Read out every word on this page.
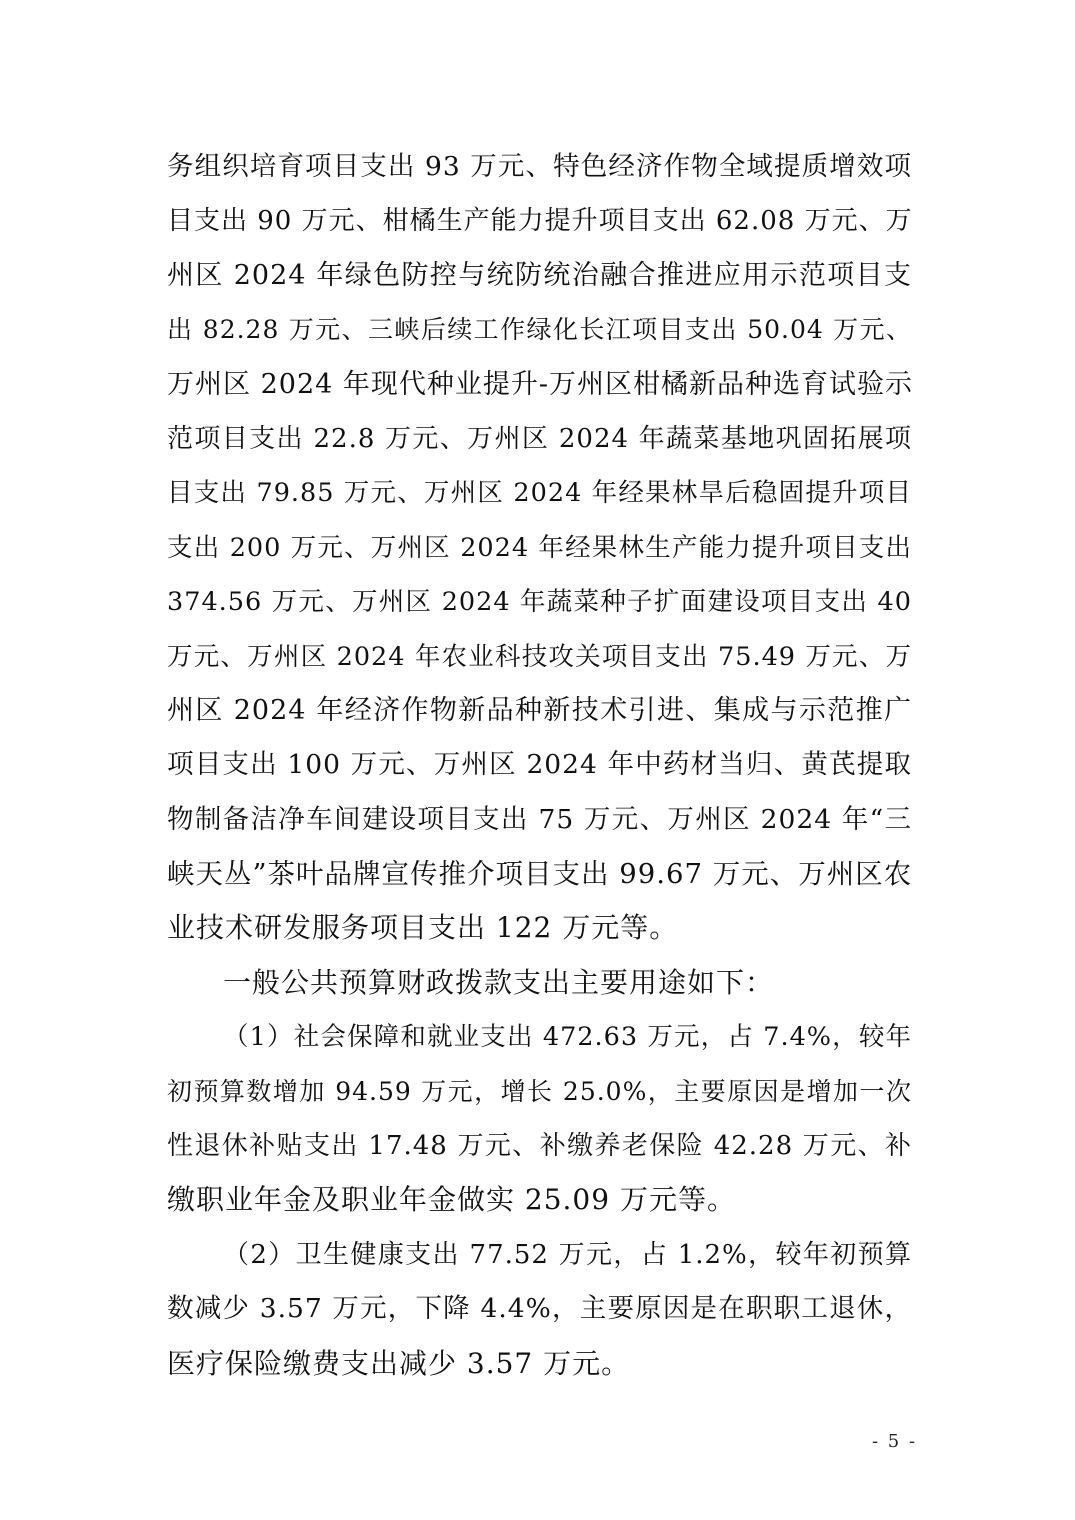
务组织培育项目支出 93 万元、特色经济作物全域提质增效项
目支出 90 万元、柑橘生产能力提升项目支出 62.08 万元、万
州区 2024 年绿色防控与统防统治融合推进应用示范项目支
出 82.28 万元、三峡后续工作绿化长江项目支出 50.04 万元、
万州区 2024 年现代种业提升-万州区柑橘新品种选育试验示
范项目支出 22.8 万元、万州区 2024 年蔬菜基地巩固拓展项
目支出 79.85 万元、万州区 2024 年经果林旱后稳固提升项目
支出 200 万元、万州区 2024 年经果林生产能力提升项目支出
374.56 万元、万州区 2024 年蔬菜种子扩面建设项目支出 40
万元、万州区 2024 年农业科技攻关项目支出 75.49 万元、万
州区 2024 年经济作物新品种新技术引进、集成与示范推广
项目支出 100 万元、万州区 2024 年中药材当归、黄芪提取
物制备洁净车间建设项目支出 75 万元、万州区 2024 年“三
峡天丛”茶叶品牌宣传推介项目支出 99.67 万元、万州区农
业技术研发服务项目支出 122 万元等。
一般公共预算财政拨款支出主要用途如下：
（1）社会保障和就业支出 472.63 万元，占 7.4%，较年
初预算数增加 94.59 万元，增长 25.0%，主要原因是增加一次
性退休补贴支出 17.48 万元、补缴养老保险 42.28 万元、补
缴职业年金及职业年金做实 25.09 万元等。
（2）卫生健康支出 77.52 万元，占 1.2%，较年初预算
数减少 3.57 万元，下降 4.4%，主要原因是在职职工退休，
医疗保险缴费支出减少 3.57 万元。
- 5 -
